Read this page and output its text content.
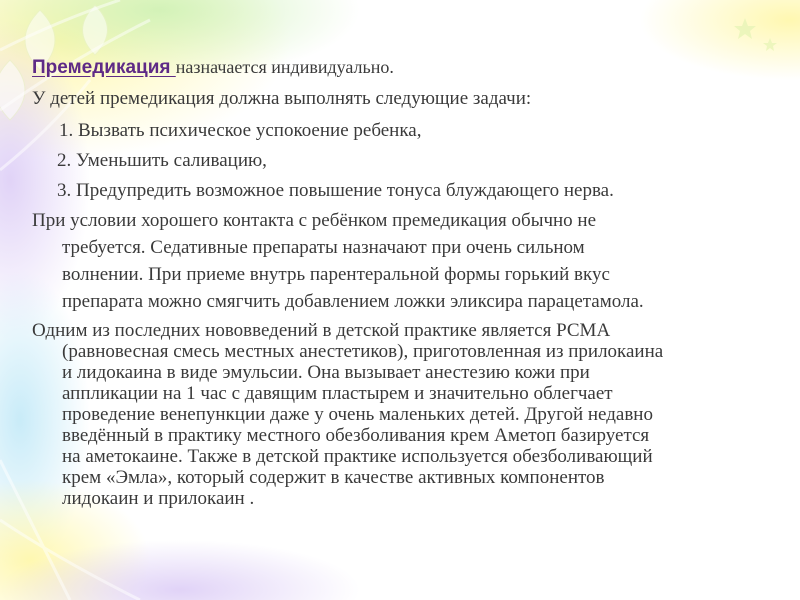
Премедикация назначается индивидуально.
У детей премедикация должна выполнять следующие задачи:
1. Вызвать психическое успокоение ребенка,
2. Уменьшить саливацию,
3. Предупредить возможное повышение тонуса блуждающего нерва.
При условии хорошего контакта с ребёнком премедикация обычно не
требуется. Седативные препараты назначают при очень сильном
волнении. При приеме внутрь парентеральной формы горький вкус
препарата можно смягчить добавлением ложки эликсира парацетамола.
Одним из последних нововведений в детской практике является РСМА
(равновесная смесь местных анестетиков), приготовленная из прилокаина
и лидокаина в виде эмульсии. Она вызывает анестезию кожи при
аппликации на 1 час с давящим пластырем и значительно облегчает
проведение венепункции даже у очень маленьких детей. Другой недавно
введённый в практику местного обезболивания крем Аметоп базируется
на аметокаине. Также в детской практике используется обезболивающий
крем «Эмла», который содержит в качестве активных компонентов
лидокаин и прилокаин .
